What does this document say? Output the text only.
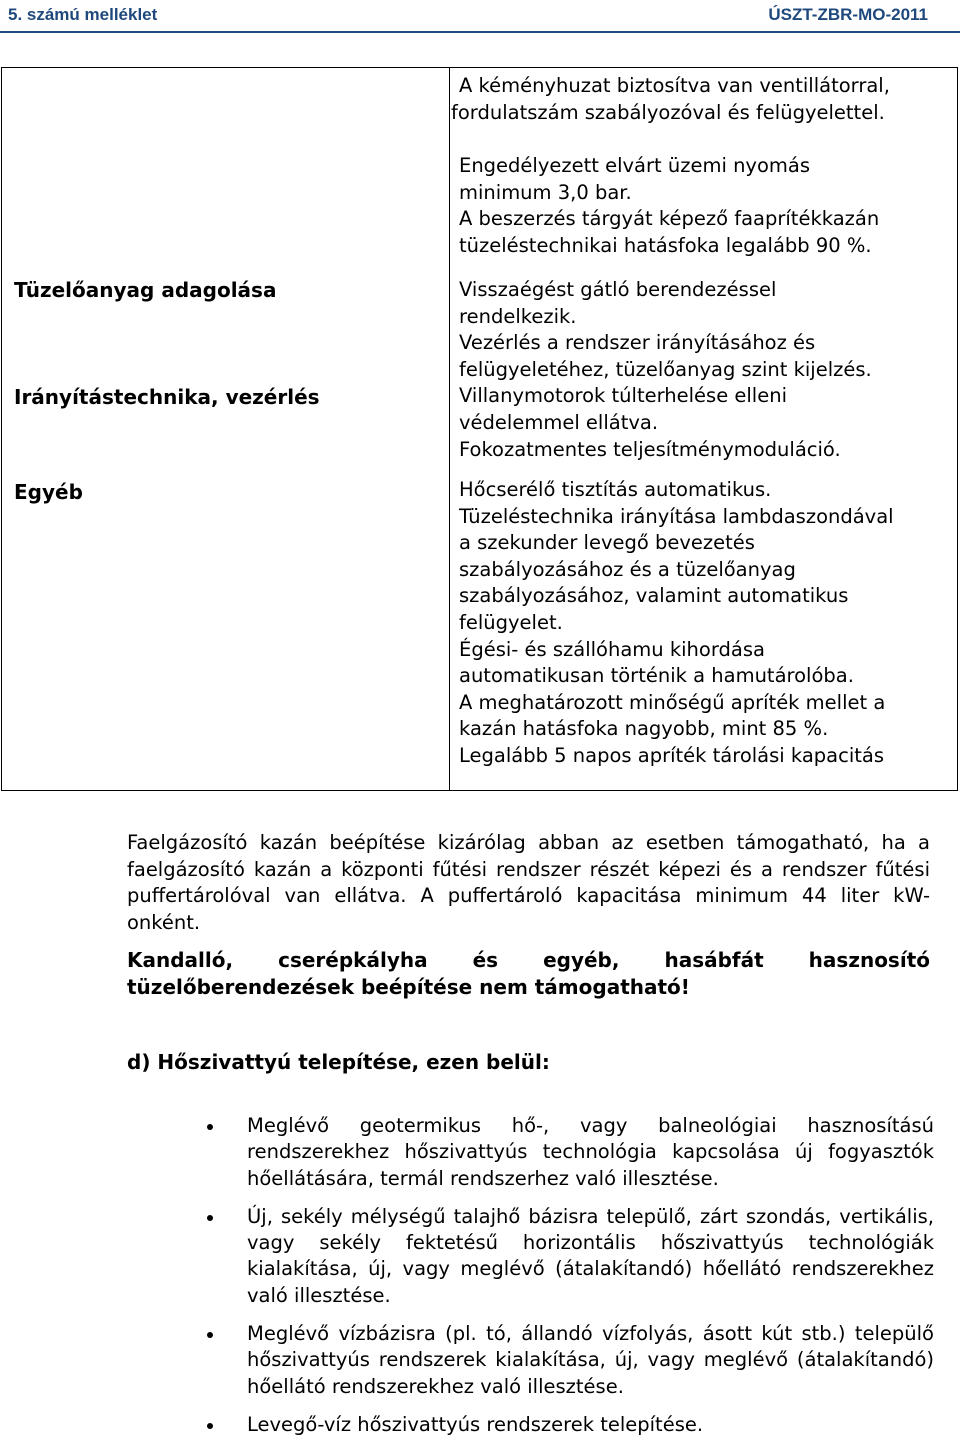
5. számú melléklet	ÚSZT-ZBR-MO-2011
Tüzelőanyag adagolása
Irányítástechnika, vezérlés
Egyéb
A kéményhuzat biztosítva van ventillátorral,
fordulatszám szabályozóval és felügyelettel.
Engedélyezett elvárt üzemi nyomás
minimum 3,0 bar.
A beszerzés tárgyát képező faaprítékkazán
tüzeléstechnikai hatásfoka legalább 90 %.
Visszaégést gátló berendezéssel
rendelkezik.
Vezérlés a rendszer irányításához és
felügyeletéhez, tüzelőanyag szint kijelzés.
Villanymotorok túlterhelése elleni
védelemmel ellátva.
Fokozatmentes teljesítménymoduláció.
Hőcserélő tisztítás automatikus.
Tüzeléstechnika irányítása lambdaszondával
a szekunder levegő bevezetés
szabályozásához és a tüzelőanyag
szabályozásához, valamint automatikus
felügyelet.
Égési- és szállóhamu kihordása
automatikusan történik a hamutárolóba.
A meghatározott minőségű apríték mellet a
kazán hatásfoka nagyobb, mint 85 %.
Legalább 5 napos apríték tárolási kapacitás

Faelgázosító kazán beépítése kizárólag abban az esetben támogatható, ha a faelgázosító kazán a központi fűtési rendszer részét képezi és a rendszer fűtési puffertárolóval van ellátva. A puffertároló kapacitása minimum 44 liter kW-onként.

Kandalló, cserépkályha és egyéb, hasábfát hasznosító tüzelőberendezések beépítése nem támogatható!

d) Hőszivattyú telepítése, ezen belül:
Meglévő geotermikus hő-, vagy balneológiai hasznosítású rendszerekhez hőszivattyús technológia kapcsolása új fogyasztók hőellátására, termál rendszerhez való illesztése.
Új, sekély mélységű talajhő bázisra települő, zárt szondás, vertikális, vagy sekély fektetésű horizontális hőszivattyús technológiák kialakítása, új, vagy meglévő (átalakítandó) hőellátó rendszerekhez való illesztése.
Meglévő vízbázisra (pl. tó, állandó vízfolyás, ásott kút stb.) települő hőszivattyús rendszerek kialakítása, új, vagy meglévő (átalakítandó) hőellátó rendszerekhez való illesztése.
Levegő-víz hőszivattyús rendszerek telepítése.
